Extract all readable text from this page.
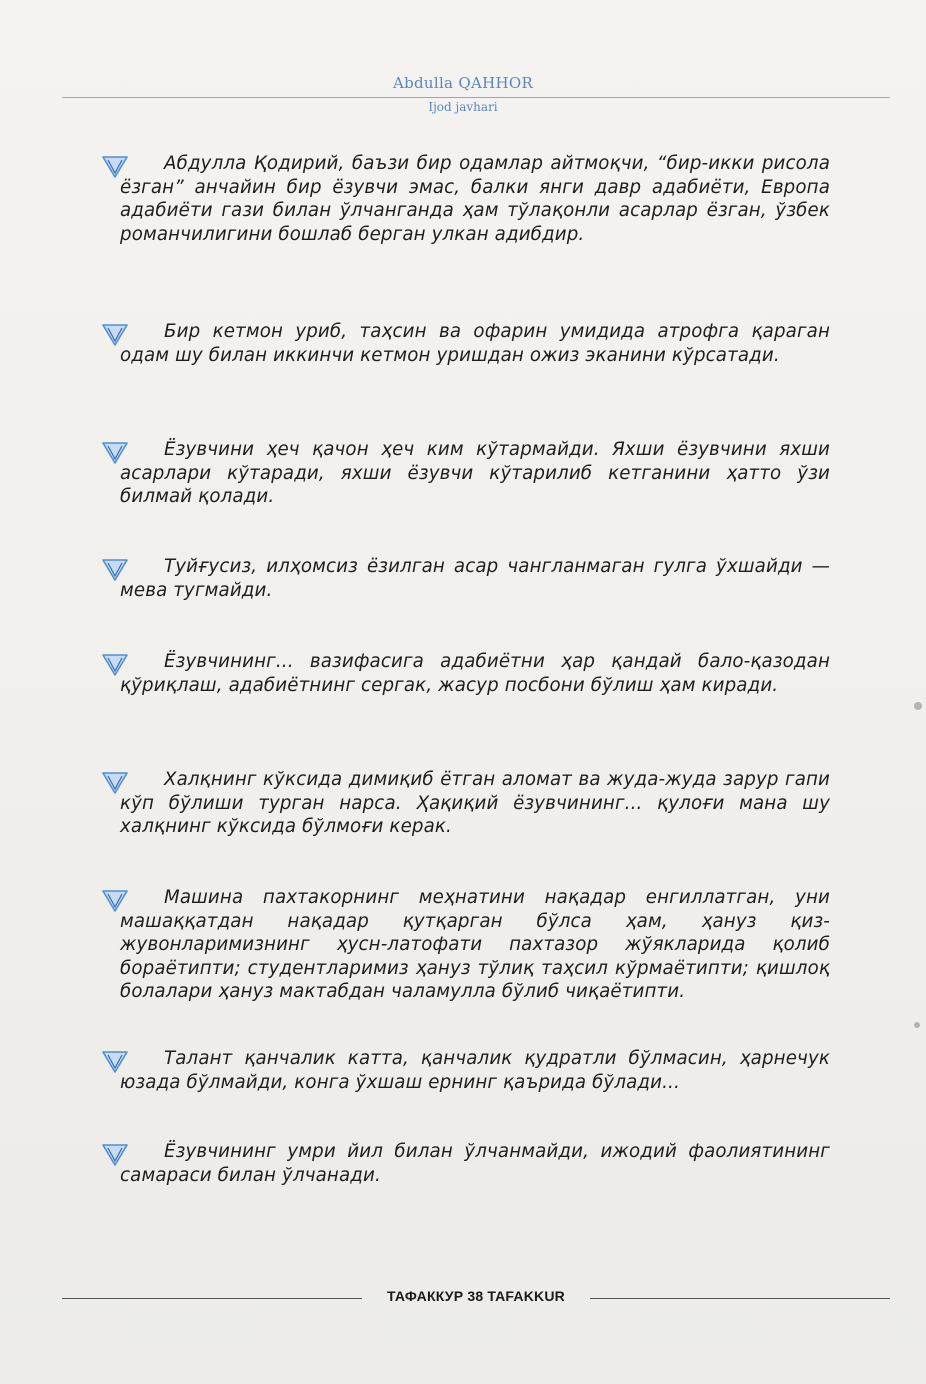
Abdulla QAHHOR
Ijod javhari
Абдулла Қодирий, баъзи бир одамлар айтмоқчи, “бир-икки рисола ёзган” анчайин бир ёзувчи эмас, балки янги давр адабиёти, Европа адабиёти гази билан ўлчанганда ҳам тўлақонли асарлар ёзган, ўзбек романчилигини бошлаб берган улкан адибдир.
Бир кетмон уриб, таҳсин ва офарин умидида атрофга қараган одам шу билан иккинчи кетмон уришдан ожиз эканини кўрсатади.
Ёзувчини ҳеч қачон ҳеч ким кўтармайди. Яхши ёзувчини яхши асарлари кўтаради, яхши ёзувчи кўтарилиб кетганини ҳатто ўзи билмай қолади.
Туйғусиз, илҳомсиз ёзилган асар чангланмаган гулга ўхшайди — мева тугмайди.
Ёзувчининг... вазифасига адабиётни ҳар қандай бало-қазодан қўриқлаш, адабиётнинг сергак, жасур посбони бўлиш ҳам киради.
Халқнинг кўксида димиқиб ётган аломат ва жуда-жуда зарур гапи кўп бўлиши турган нарса. Ҳақиқий ёзувчининг... қулоғи мана шу халқнинг кўксида бўлмоғи керак.
Машина пахтакорнинг меҳнатини нақадар енгиллатган, уни машаққатдан нақадар қутқарган бўлса ҳам, ҳануз қиз-жувонларимизнинг ҳусн-латофати пахтазор жўякларида қолиб бораётипти; студентларимиз ҳануз тўлиқ таҳсил кўрмаётипти; қишлоқ болалари ҳануз мактабдан чаламулла бўлиб чиқаётипти.
Талант қанчалик катта, қанчалик қудратли бўлмасин, ҳарнечук юзада бўлмайди, конга ўхшаш ернинг қаърида бўлади...
Ёзувчининг умри йил билан ўлчанмайди, ижодий фаолиятининг самараси билан ўлчанади.
ТАФАККУР 38 TAFAKKUR
